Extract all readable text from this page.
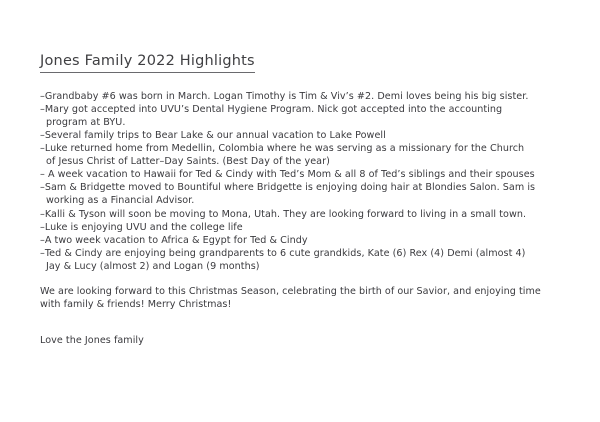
Jones Family 2022 Highlights
–Grandbaby #6 was born in March. Logan Timothy is Tim & Viv’s #2. Demi loves being his big sister.
–Mary got accepted into UVU’s Dental Hygiene Program. Nick got accepted into the accounting
program at BYU.
–Several family trips to Bear Lake & our annual vacation to Lake Powell
–Luke returned home from Medellin, Colombia where he was serving as a missionary for the Church
of Jesus Christ of Latter–Day Saints. (Best Day of the year)
– A week vacation to Hawaii for Ted & Cindy with Ted’s Mom & all 8 of Ted’s siblings and their spouses
–Sam & Bridgette moved to Bountiful where Bridgette is enjoying doing hair at Blondies Salon. Sam is
working as a Financial Advisor.
–Kalli & Tyson will soon be moving to Mona, Utah. They are looking forward to living in a small town.
–Luke is enjoying UVU and the college life
–A two week vacation to Africa & Egypt for Ted & Cindy
–Ted & Cindy are enjoying being grandparents to 6 cute grandkids, Kate (6) Rex (4) Demi (almost 4)
Jay & Lucy (almost 2) and Logan (9 months)
We are looking forward to this Christmas Season, celebrating the birth of our Savior, and enjoying time
with family & friends! Merry Christmas!
Love the Jones family
